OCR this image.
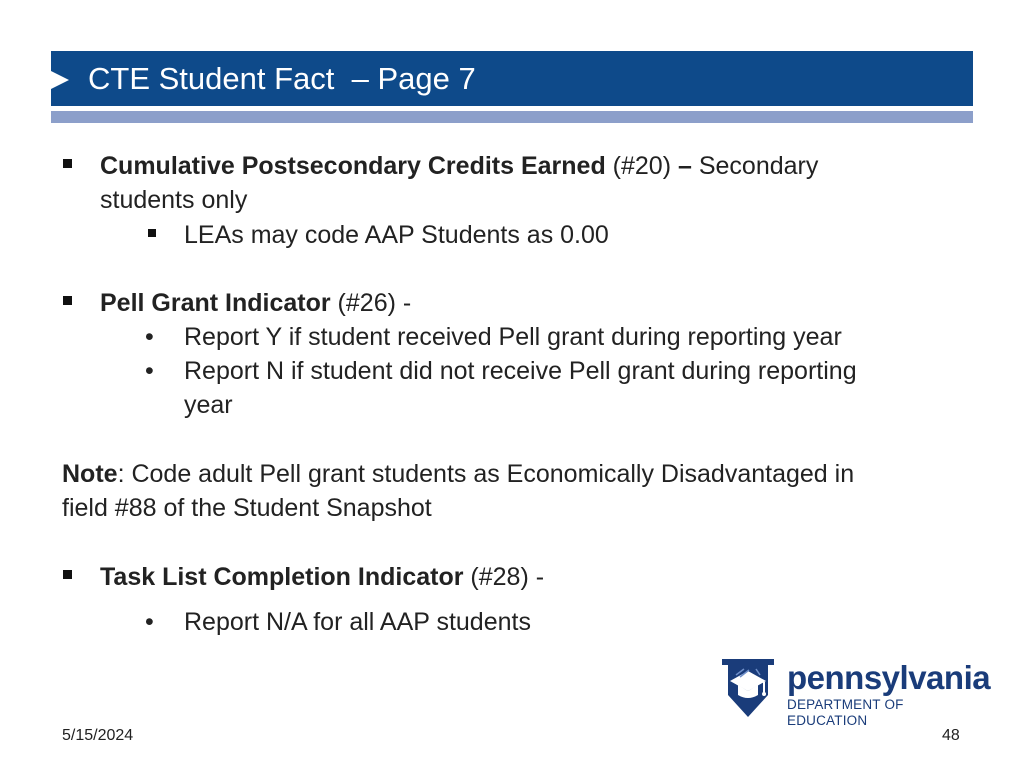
CTE Student Fact  – Page 7
Cumulative Postsecondary Credits Earned (#20) – Secondary
students only
LEAs may code AAP Students as 0.00
Pell Grant Indicator (#26) -
• Report Y if student received Pell grant during reporting year
• Report N if student did not receive Pell grant during reporting
year
Note: Code adult Pell grant students as Economically Disadvantaged in
field #88 of the Student Snapshot
Task List Completion Indicator (#28) -
• Report N/A for all AAP students
pennsylvania
DEPARTMENT OF EDUCATION
5/15/2024	48
